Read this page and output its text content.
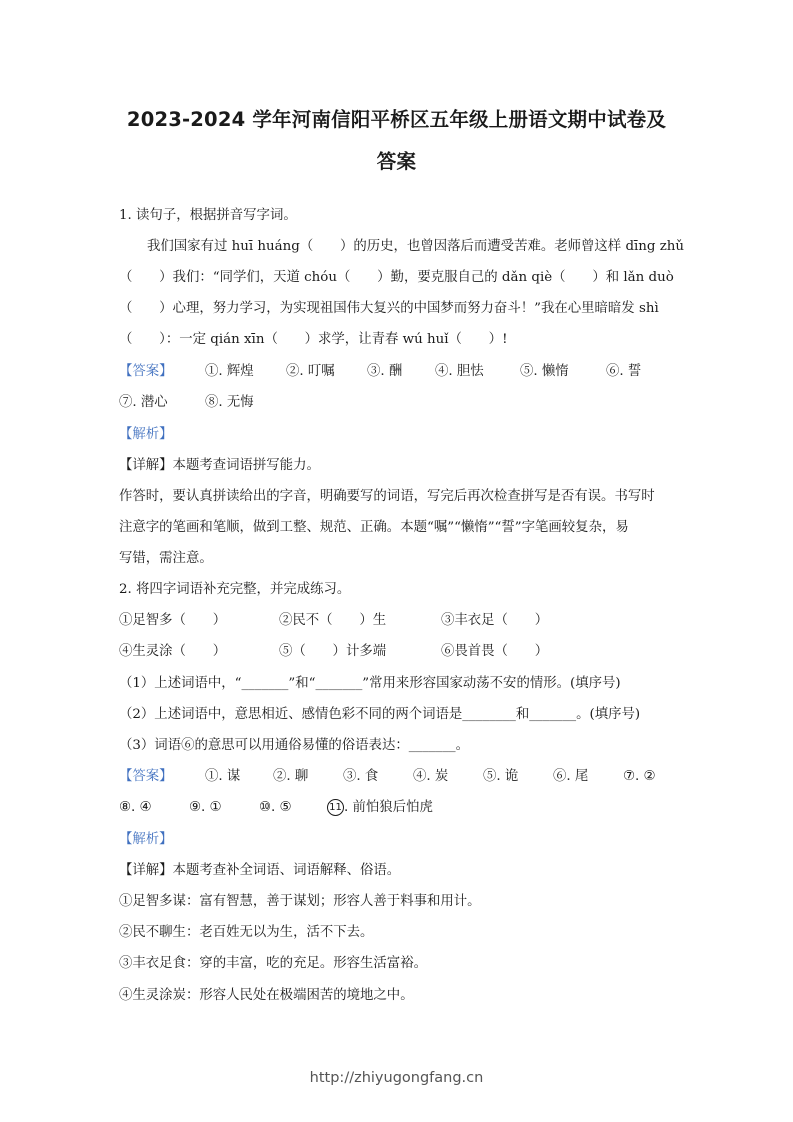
2023-2024 学年河南信阳平桥区五年级上册语文期中试卷及
答案
1. 读句子，根据拼音写字词。
我们国家有过 huī huáng（　　）的历史，也曾因落后而遭受苦难。老师曾这样 dīng zhǔ
（　　）我们：“同学们，天道 chóu（　　）勤，要克服自己的 dǎn qiè（　　）和 lǎn duò
（　　）心理，努力学习，为实现祖国伟大复兴的中国梦而努力奋斗！”我在心里暗暗发 shì
（　　）：一定 qián xīn（　　）求学，让青春 wú huǐ（　　）!
【答案】 ①. 辉煌 ②. 叮嘱 ③. 酬 ④. 胆怯	⑤. 懒惰	⑥. 誓
⑦. 潜心	⑧. 无悔
【解析】
【详解】本题考查词语拼写能力。
作答时，要认真拼读给出的字音，明确要写的词语，写完后再次检查拼写是否有误。书写时
注意字的笔画和笔顺，做到工整、规范、正确。本题“嘱”“懒惰”“誓”字笔画较复杂，易
写错，需注意。
2. 将四字词语补充完整，并完成练习。
①足智多（　　）	②民不（　　）生	③丰衣足（　　）
④生灵涂（　　）	⑤（　　）计多端	⑥畏首畏（　　）
（1）上述词语中，“_______”和“_______”常用来形容国家动荡不安的情形。(填序号)
（2）上述词语中，意思相近、感情色彩不同的两个词语是________和_______。(填序号)
（3）词语⑥的意思可以用通俗易懂的俗语表达：_______。
【答案】 ①. 谋 ②. 聊	③. 食	④. 炭	⑤. 诡	⑥. 尾	⑦. ②
⑧. ④	⑨. ①	⑩. ⑤	11 . 前怕狼后怕虎
【解析】
【详解】本题考查补全词语、词语解释、俗语。
①足智多谋：富有智慧，善于谋划；形容人善于料事和用计。
②民不聊生：老百姓无以为生，活不下去。
③丰衣足食：穿的丰富，吃的充足。形容生活富裕。
④生灵涂炭：形容人民处在极端困苦的境地之中。
http://zhiyugongfang.cn
